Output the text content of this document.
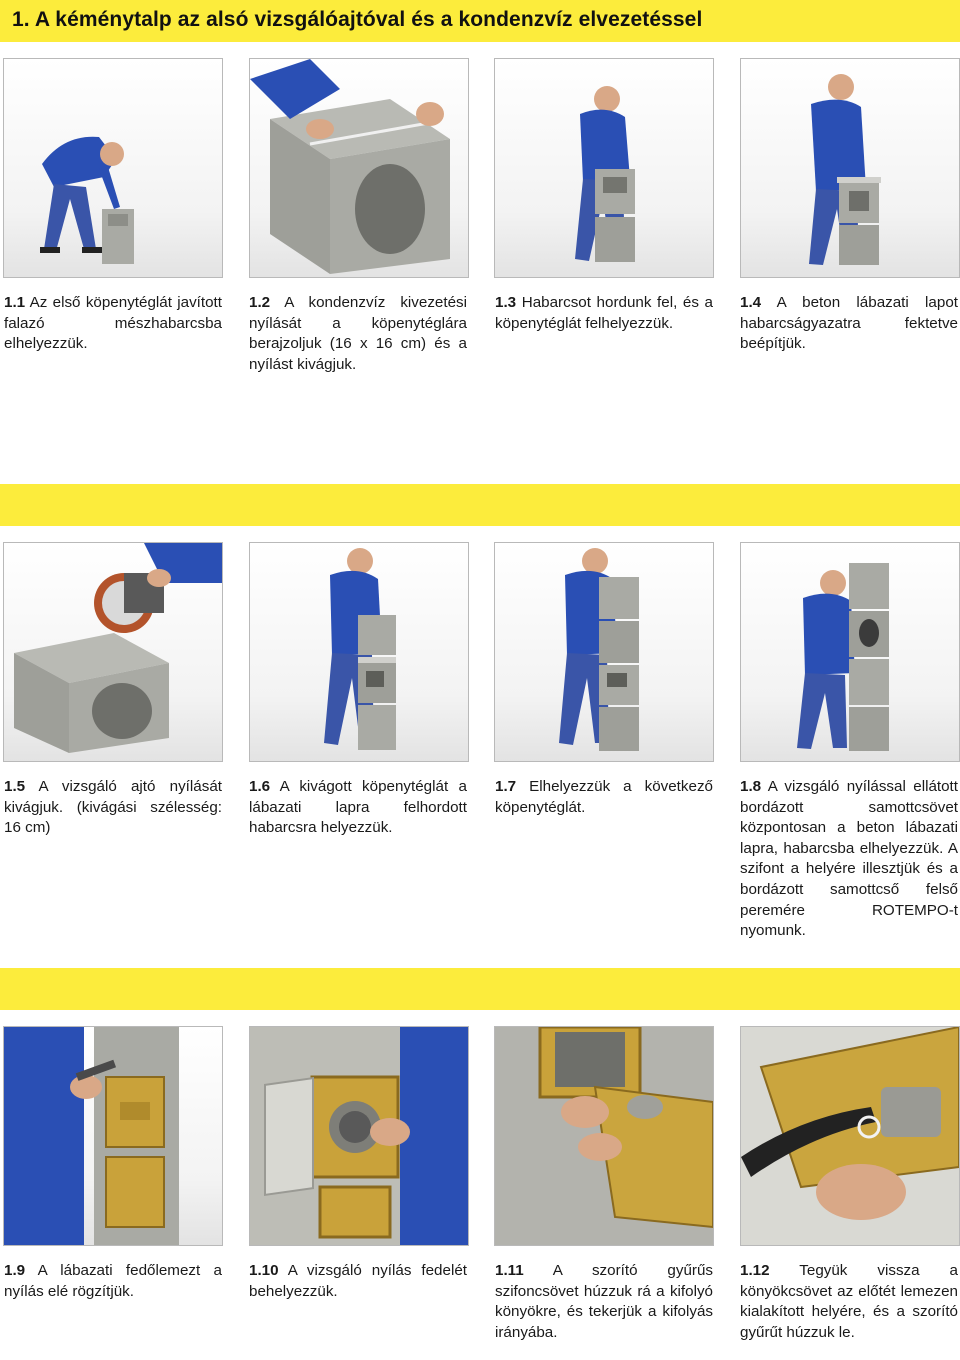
1. A kéménytalp az alsó vizsgálóajtóval és a kondenzvíz elvezetéssel
1.1 Az első köpenytéglát javított falazó mészhabarcsba elhelyezzük.
1.2 A kondenzvíz kivezetési nyílását a köpenytéglára berajzoljuk (16 x 16 cm) és a nyílást kivágjuk.
1.3 Habarcsot hordunk fel, és a köpenytéglát felhelyezzük.
1.4 A beton lábazati lapot habarcságyazatra fektetve beépítjük.
1.5 A vizsgáló ajtó nyílását kivágjuk. (kivágási szélesség: 16 cm)
1.6 A kivágott köpenytéglát a lábazati lapra felhordott habarcsra helyezzük.
1.7 Elhelyezzük a következő köpenytéglát.
1.8 A vizsgáló nyílással ellátott bordázott samottcsövet központosan a beton lábazati lapra, habarcsba elhelyezzük. A szifont a helyére illesztjük és a bordázott samottcső felső peremére ROTEMPO-t nyomunk.
1.9 A lábazati fedőlemezt a nyílás elé rögzítjük.
1.10 A vizsgáló nyílás fedelét behelyezzük.
1.11 A szorító gyűrűs szifoncsövet húzzuk rá a kifolyó könyökre, és tekerjük a kifolyás irányába.
1.12 Tegyük vissza a könyökcsövet az előtét lemezen kialakított helyére, és a szorító gyűrűt húzzuk le.
